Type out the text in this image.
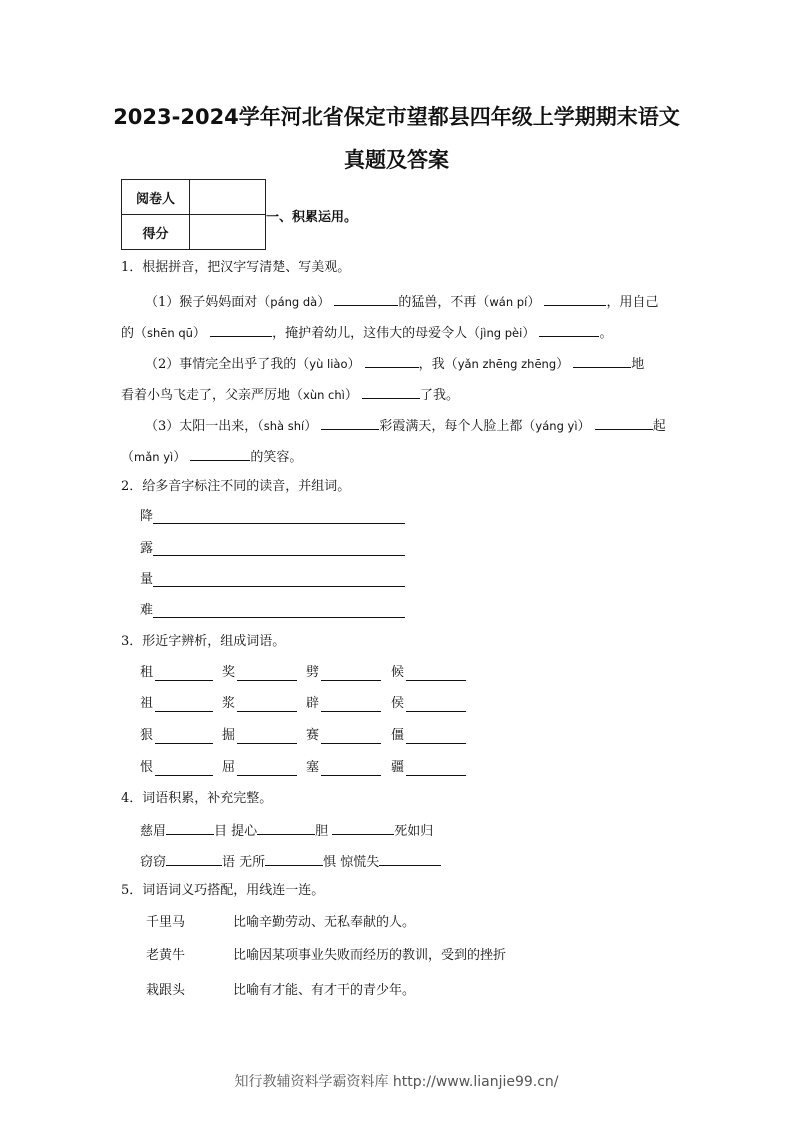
2023-2024学年河北省保定市望都县四年级上学期期末语文
真题及答案
阅卷人	
得分	
一、积累运用。
1．根据拼音，把汉字写清楚、写美观。
（1）猴子妈妈面对（páng dà）	的猛兽，不再（wán pí）	，用自己
的（shēn qū）	，掩护着幼儿，这伟大的母爱令人（jìng pèi）	。
（2）事情完全出乎了我的（yù liào）	，我（yǎn zhēng zhēng）	地
看着小鸟飞走了，父亲严厉地（xùn chì）	了我。
（3）太阳一出来，（shà shí）	彩霞满天，每个人脸上都（yáng yì）	起
（mǎn yì）	的笑容。
2．给多音字标注不同的读音，并组词。
降
露
量
难
3．形近字辨析，组成词语。
租	奖	劈	候
祖	浆	辟	侯
狠	掘	赛	僵
恨	屈	塞	疆
4．词语积累，补充完整。
慈眉	目 提心	胆	死如归
窃窃	语 无所	惧 惊慌失
5．词语词义巧搭配，用线连一连。
千里马	比喻辛勤劳动、无私奉献的人。
老黄牛	比喻因某项事业失败而经历的教训，受到的挫折
栽跟头	比喻有才能、有才干的青少年。
知行教辅资料学霸资料库 http://www.lianjie99.cn/
